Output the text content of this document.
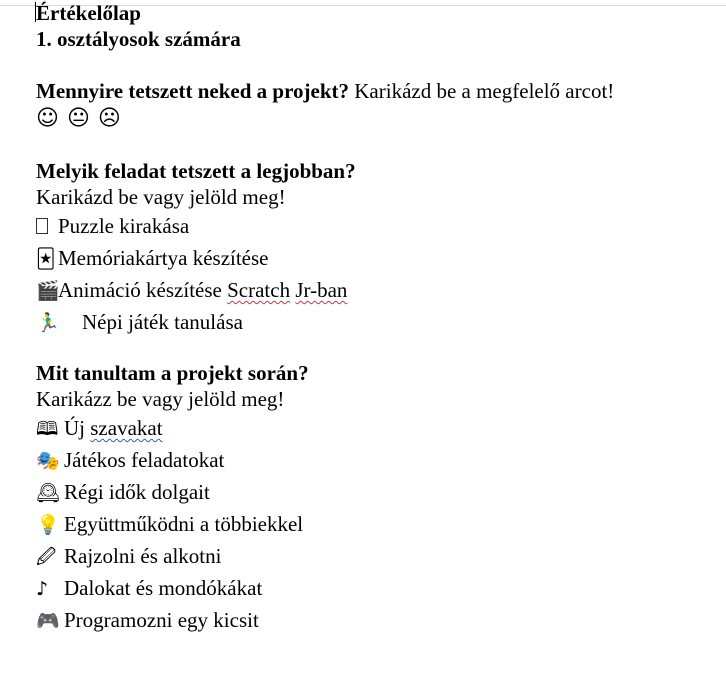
Értékelőlap
1. osztályosok számára
Mennyire tetszett neked a projekt? Karikázd be a megfelelő arcot!
☺ 😐 ☹
Melyik feladat tetszett a legjobban?
Karikázd be vagy jelöld meg!
Puzzle kirakása
🃏 Memóriakártya készítése
🎬Animáció készítése Scratch Jr-ban
🏃‍♂ Népi játék tanulása
Mit tanultam a projekt során?
Karikázz be vagy jelöld meg!
🕮 Új szavakat
🎭 Játékos feladatokat
🕰 Régi idők dolgait
💡 Együttműködni a többiekkel
🖉 Rajzolni és alkotni
♪ Dalokat és mondókákat
🎮 Programozni egy kicsit
